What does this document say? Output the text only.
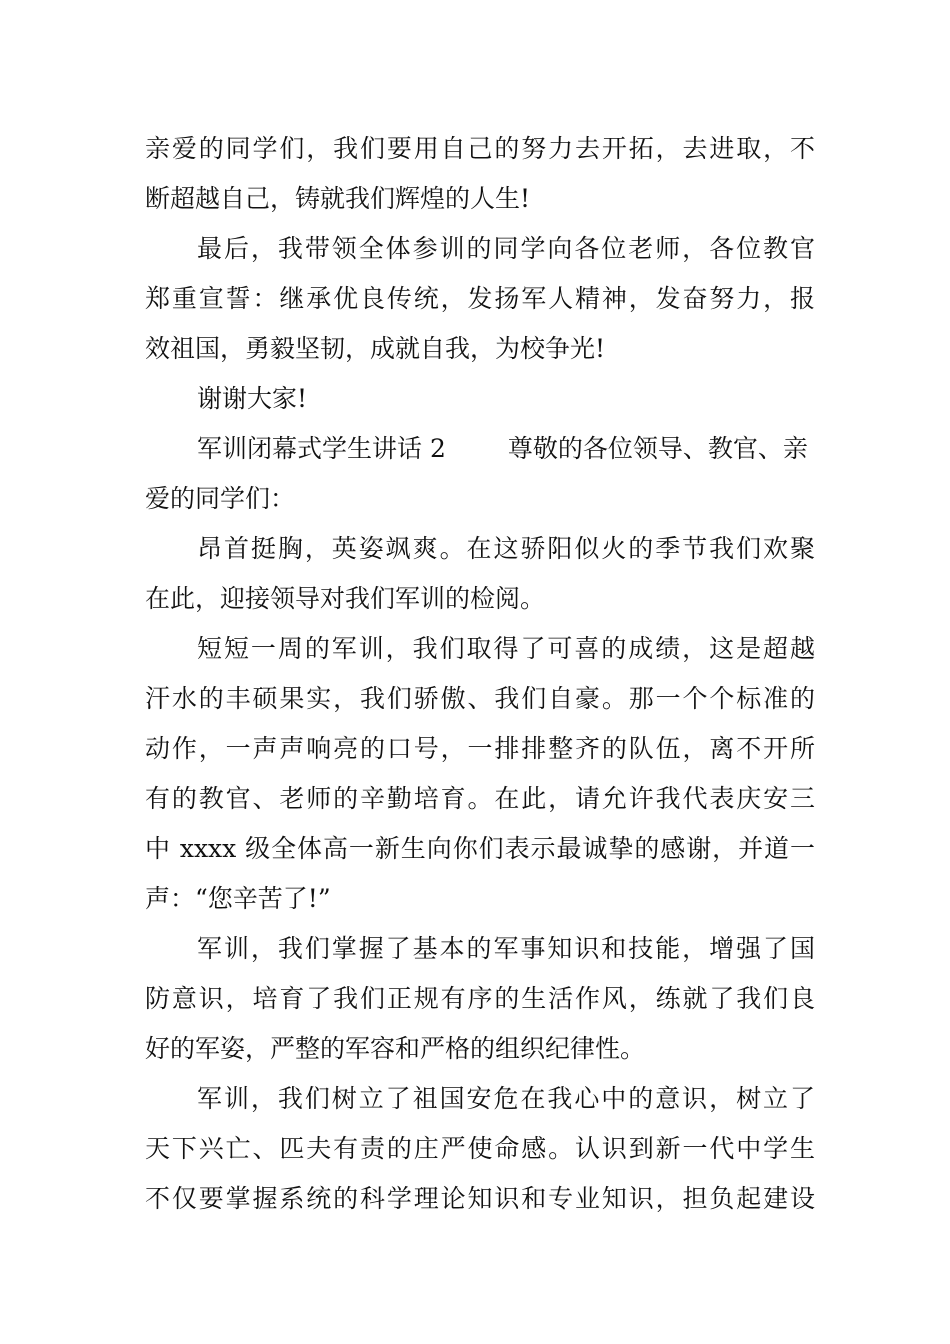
亲爱的同学们，我们要用自己的努力去开拓，去进取，不
断超越自己，铸就我们辉煌的人生!
最后，我带领全体参训的同学向各位老师，各位教官
郑重宣誓：继承优良传统，发扬军人精神，发奋努力，报
效祖国，勇毅坚韧，成就自我，为校争光!
谢谢大家!
军训闭幕式学生讲话 2 尊敬的各位领导、教官、亲
爱的同学们：
昂首挺胸，英姿飒爽。在这骄阳似火的季节我们欢聚
在此，迎接领导对我们军训的检阅。
短短一周的军训，我们取得了可喜的成绩，这是超越
汗水的丰硕果实，我们骄傲、我们自豪。那一个个标准的
动作，一声声响亮的口号，一排排整齐的队伍，离不开所
有的教官、老师的辛勤培育。在此，请允许我代表庆安三
中 xxxx 级全体高一新生向你们表示最诚挚的感谢，并道一
声：“您辛苦了!”
军训，我们掌握了基本的军事知识和技能，增强了国
防意识，培育了我们正规有序的生活作风，练就了我们良
好的军姿，严整的军容和严格的组织纪律性。
军训，我们树立了祖国安危在我心中的意识，树立了
天下兴亡、匹夫有责的庄严使命感。认识到新一代中学生
不仅要掌握系统的科学理论知识和专业知识，担负起建设
